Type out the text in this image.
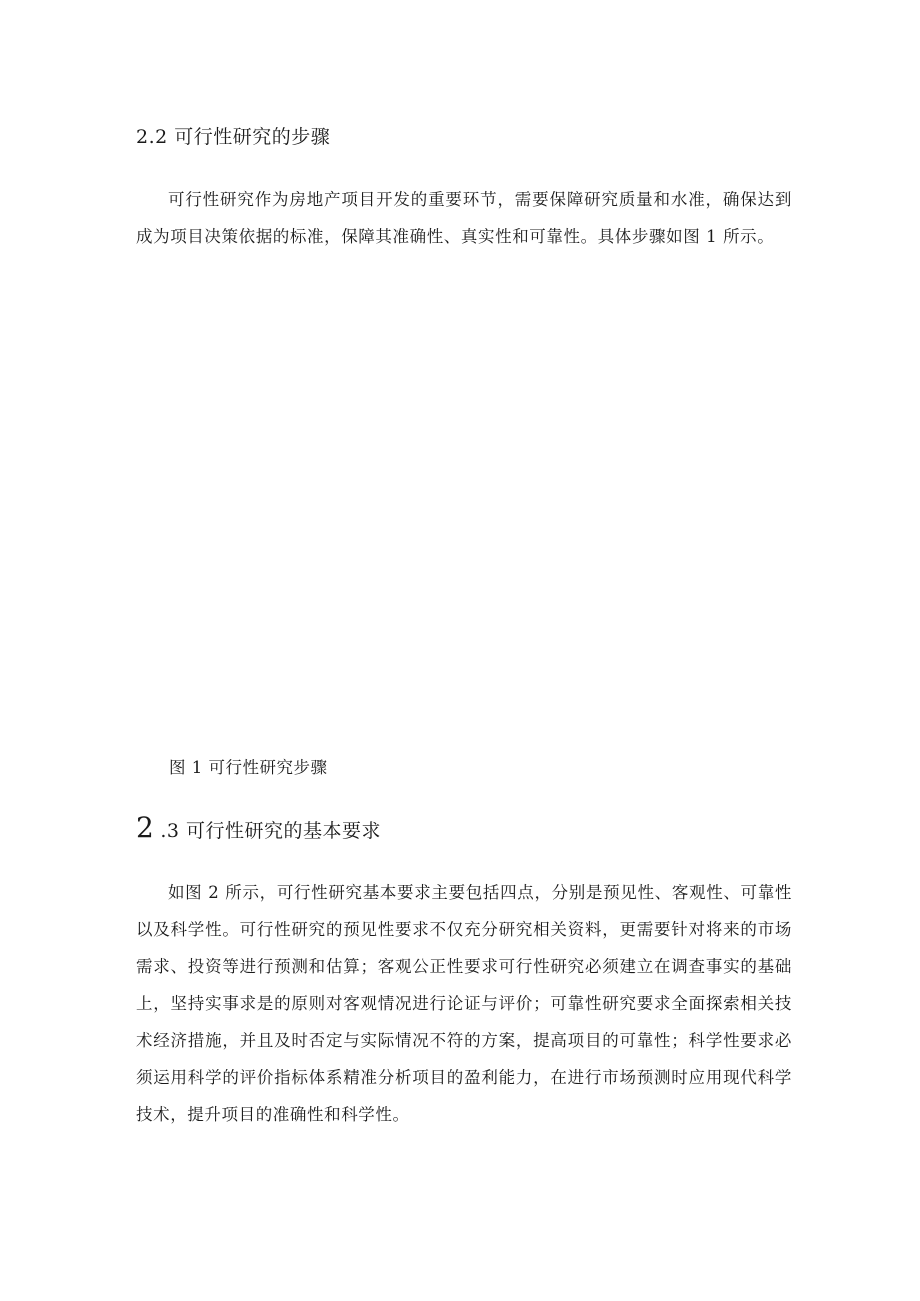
2.2 可行性研究的步骤
可行性研究作为房地产项目开发的重要环节，需要保障研究质量和水准，确保达到成为项目决策依据的标准，保障其准确性、真实性和可靠性。具体步骤如图 1 所示。
图 1 可行性研究步骤
2 .3 可行性研究的基本要求
如图 2 所示，可行性研究基本要求主要包括四点，分别是预见性、客观性、可靠性以及科学性。可行性研究的预见性要求不仅充分研究相关资料，更需要针对将来的市场需求、投资等进行预测和估算；客观公正性要求可行性研究必须建立在调查事实的基础上，坚持实事求是的原则对客观情况进行论证与评价；可靠性研究要求全面探索相关技术经济措施，并且及时否定与实际情况不符的方案，提高项目的可靠性；科学性要求必须运用科学的评价指标体系精准分析项目的盈利能力，在进行市场预测时应用现代科学技术，提升项目的准确性和科学性。
